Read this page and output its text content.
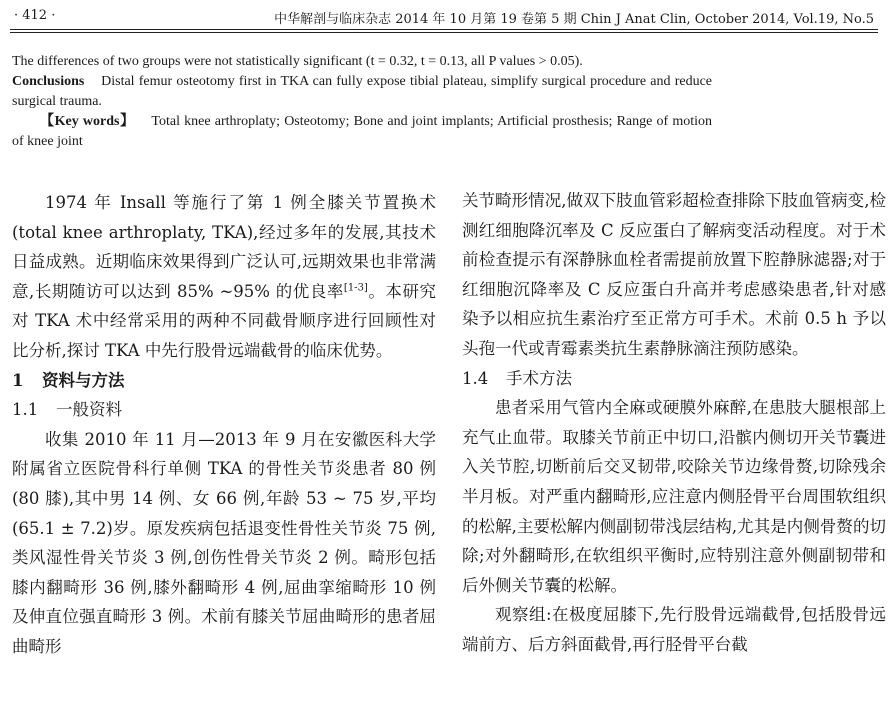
· 412 ·	中华解剖与临床杂志 2014 年 10 月第 19 卷第 5 期 Chin J Anat Clin, October 2014, Vol.19, No.5

The differences of two groups were not statistically significant (t = 0.32, t = 0.13, all P values > 0.05).

Conclusions Distal femur osteotomy first in TKA can fully expose tibial plateau, simplify surgical procedure and reduce surgical trauma.

【Key words】 Total knee arthroplaty; Osteotomy; Bone and joint implants; Artificial prosthesis; Range of motion of knee joint

1974 年 Insall 等施行了第 1 例全膝关节置换术 (total knee arthroplaty, TKA),经过多年的发展,其技术日益成熟。近期临床效果得到广泛认可,远期效果也非常满意,长期随访可以达到 85% ~95% 的优良率[1-3]。本研究对 TKA 术中经常采用的两种不同截骨顺序进行回顾性对比分析,探讨 TKA 中先行股骨远端截骨的临床优势。

1 资料与方法
1.1 一般资料

收集 2010 年 11 月—2013 年 9 月在安徽医科大学附属省立医院骨科行单侧 TKA 的骨性关节炎患者 80 例(80 膝),其中男 14 例、女 66 例,年龄 53 ~ 75 岁,平均(65.1 ± 7.2)岁。原发疾病包括退变性骨性关节炎 75 例,类风湿性骨关节炎 3 例,创伤性骨关节炎 2 例。畸形包括膝内翻畸形 36 例,膝外翻畸形 4 例,屈曲挛缩畸形 10 例及伸直位强直畸形 3 例。术前有膝关节屈曲畸形的患者屈曲畸形

关节畸形情况,做双下肢血管彩超检查排除下肢血管病变,检测红细胞降沉率及 C 反应蛋白了解病变活动程度。对于术前检查提示有深静脉血栓者需提前放置下腔静脉滤器;对于红细胞沉降率及 C 反应蛋白升高并考虑感染患者,针对感染予以相应抗生素治疗至正常方可手术。术前 0.5 h 予以头孢一代或青霉素类抗生素静脉滴注预防感染。

1.4 手术方法

患者采用气管内全麻或硬膜外麻醉,在患肢大腿根部上充气止血带。取膝关节前正中切口,沿髌内侧切开关节囊进入关节腔,切断前后交叉韧带,咬除关节边缘骨赘,切除残余半月板。对严重内翻畸形,应注意内侧胫骨平台周围软组织的松解,主要松解内侧副韧带浅层结构,尤其是内侧骨赘的切除;对外翻畸形,在软组织平衡时,应特别注意外侧副韧带和后外侧关节囊的松解。

观察组:在极度屈膝下,先行股骨远端截骨,包括股骨远端前方、后方斜面截骨,再行胫骨平台截
